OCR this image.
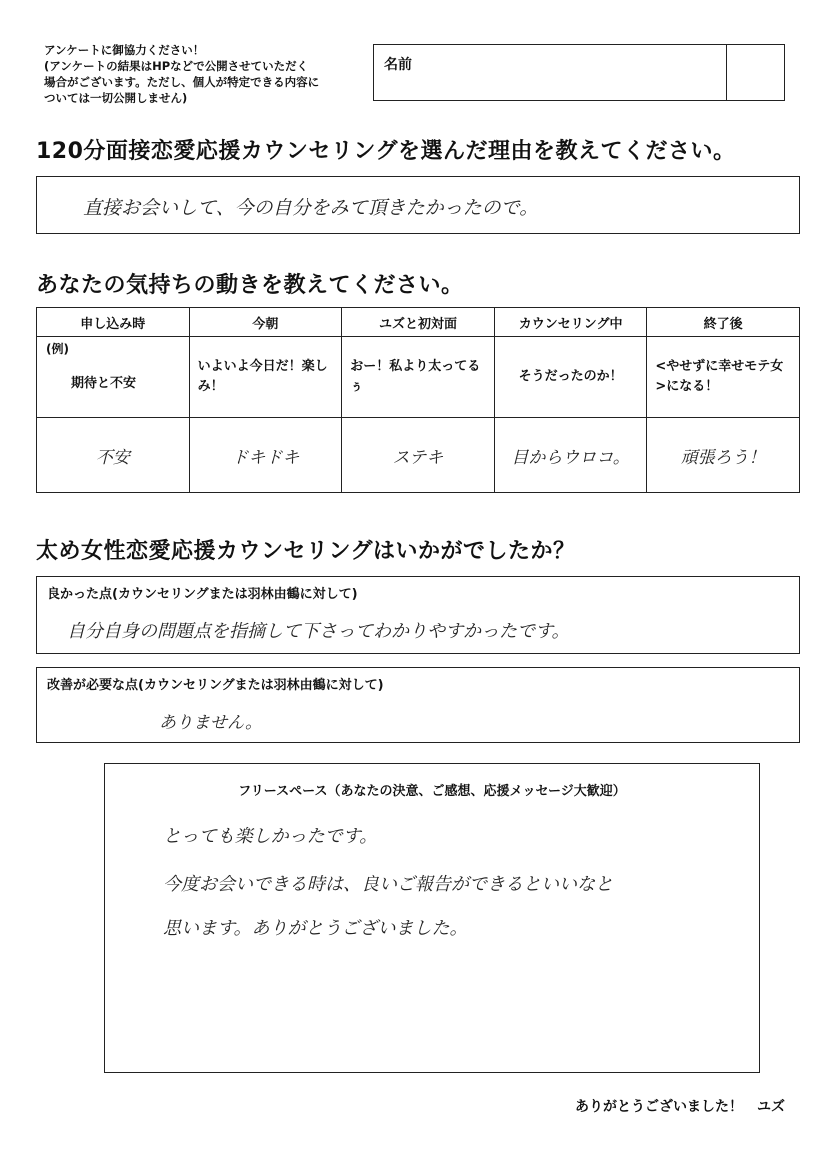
アンケートに御協力ください！
(アンケートの結果はHPなどで公開させていただく
場合がございます。ただし、個人が特定できる内容に
ついては一切公開しません)
名前
120分面接恋愛応援カウンセリングを選んだ理由を教えてください。
直接お会いして、今の自分をみて頂きたかったので。
あなたの気持ちの動きを教えてください。
申し込み時	今朝	ユズと初対面	カウンセリング中	終了後
期待と不安	いよいよ今日だ！楽しみ！	おー！私より太ってるぅ	そうだったのか！	<やせずに幸せモテ女>になる！
不安	ドキドキ	ステキ	目からウロコ。	頑張ろう！
(例)
太め女性恋愛応援カウンセリングはいかがでしたか？
良かった点(カウンセリングまたは羽林由鶴に対して)
自分自身の問題点を指摘して下さってわかりやすかったです。
改善が必要な点(カウンセリングまたは羽林由鶴に対して)
ありません。
フリースペース（あなたの決意、ご感想、応援メッセージ大歓迎）
とっても楽しかったです。
今度お会いできる時は、良いご報告ができるといいなと
思います。ありがとうございました。
ありがとうございました！　ユズ
